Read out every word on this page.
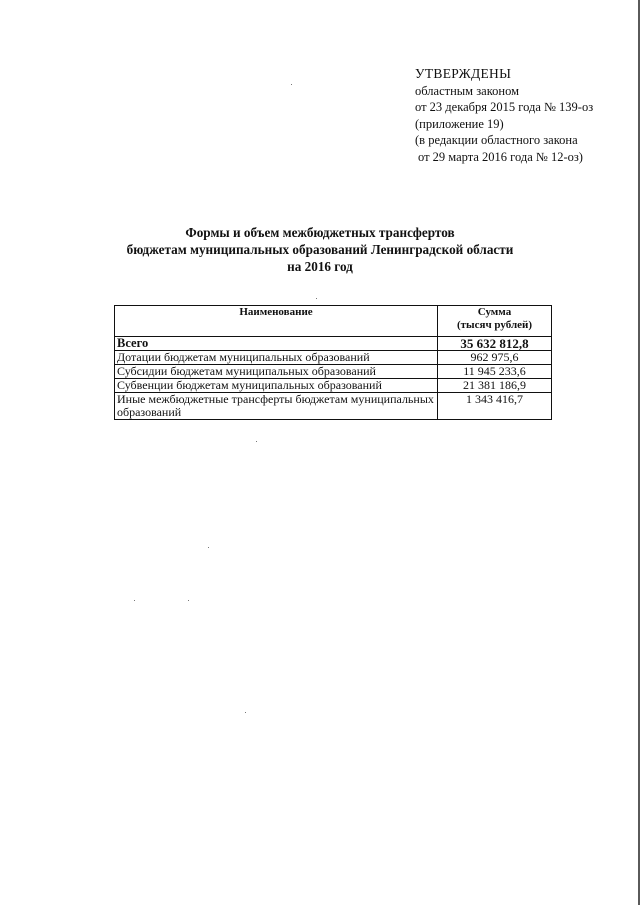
УТВЕРЖДЕНЫ
областным законом
от 23 декабря 2015 года № 139-оз
(приложение 19)
(в редакции областного закона
от 29 марта 2016 года № 12-оз)
Формы и объем межбюджетных трансфертов
бюджетам муниципальных образований Ленинградской области
на 2016 год
Наименование	Сумма
(тысяч рублей)

Всего	35 632 812,8
Дотации бюджетам муниципальных образований	962 975,6
Субсидии бюджетам муниципальных образований	11 945 233,6
Субвенции бюджетам муниципальных образований	21 381 186,9
Иные межбюджетные трансферты бюджетам муниципальных образований	1 343 416,7
